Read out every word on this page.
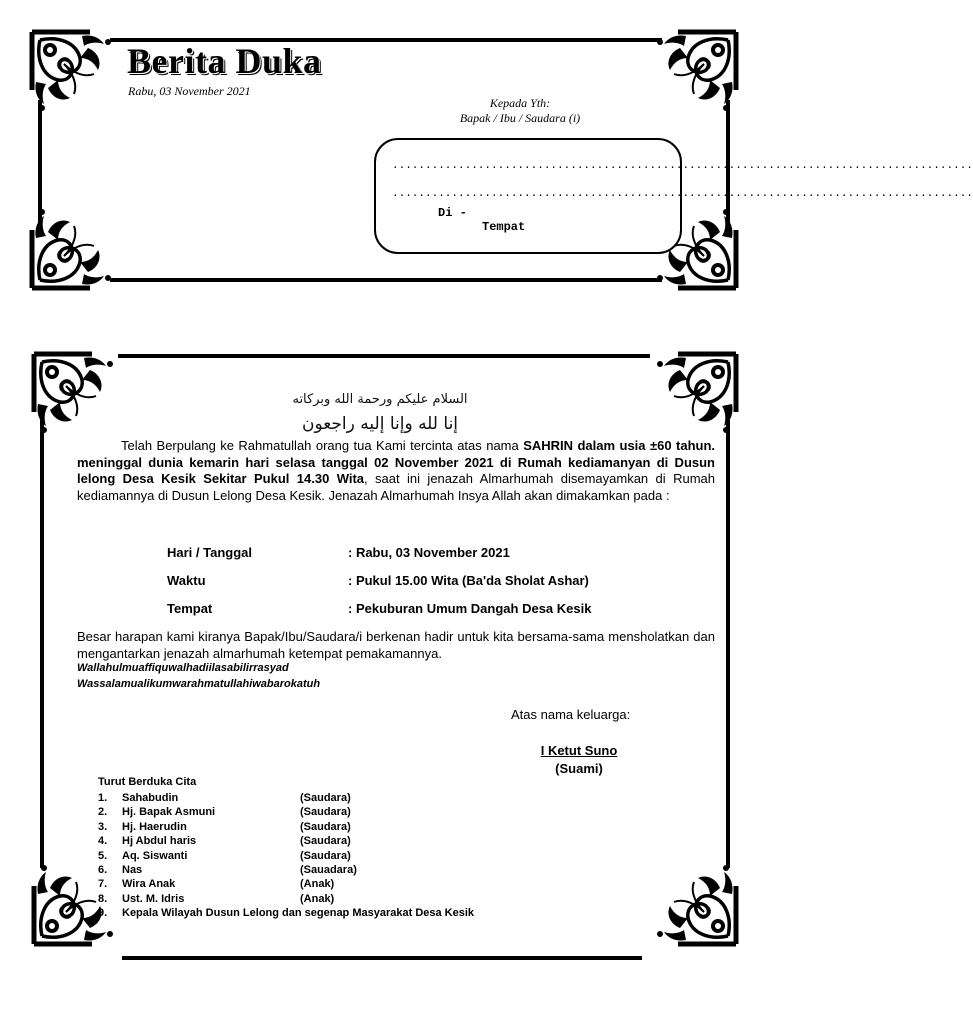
Berita Duka
Rabu, 03 November 2021
Kepada Yth:
Bapak / Ibu / Saudara (i)
........................................................................................
........................................................................................
Di -
Tempat
السلام عليكم ورحمة الله وبركاته
إنا لله وإنا إليه راجعون
Telah Berpulang ke Rahmatullah orang tua Kami tercinta atas nama SAHRIN dalam usia ±60 tahun. meninggal dunia kemarin hari selasa tanggal 02 November 2021 di Rumah kediamanyan di Dusun lelong Desa Kesik Sekitar Pukul 14.30 Wita, saat ini jenazah Almarhumah disemayamkan di Rumah kediamannya di Dusun Lelong Desa Kesik. Jenazah Almarhumah Insya Allah akan dimakamkan pada :
Hari / Tanggal	: Rabu, 03 November 2021
Waktu	: Pukul 15.00 Wita (Ba'da Sholat Ashar)
Tempat	: Pekuburan Umum Dangah Desa Kesik
Besar harapan kami kiranya Bapak/Ibu/Saudara/i berkenan hadir untuk kita bersama-sama mensholatkan dan mengantarkan jenazah almarhumah ketempat pemakamannya.
Wallahulmuaffiquwalhadiilasabilirrasyad
Wassalamualikumwarahmatullahiwabarokatuh
Atas nama keluarga:
I Ketut Suno
(Suami)
Turut Berduka Cita
1.	Sahabudin	(Saudara)
2.	Hj. Bapak Asmuni	(Saudara)
3.	Hj. Haerudin	(Saudara)
4.	Hj Abdul haris	(Saudara)
5.	Aq. Siswanti	(Saudara)
6.	Nas	(Sauadara)
7.	Wira Anak	(Anak)
8.	Ust. M. Idris	(Anak)
9.	Kepala Wilayah Dusun Lelong dan segenap Masyarakat Desa Kesik
